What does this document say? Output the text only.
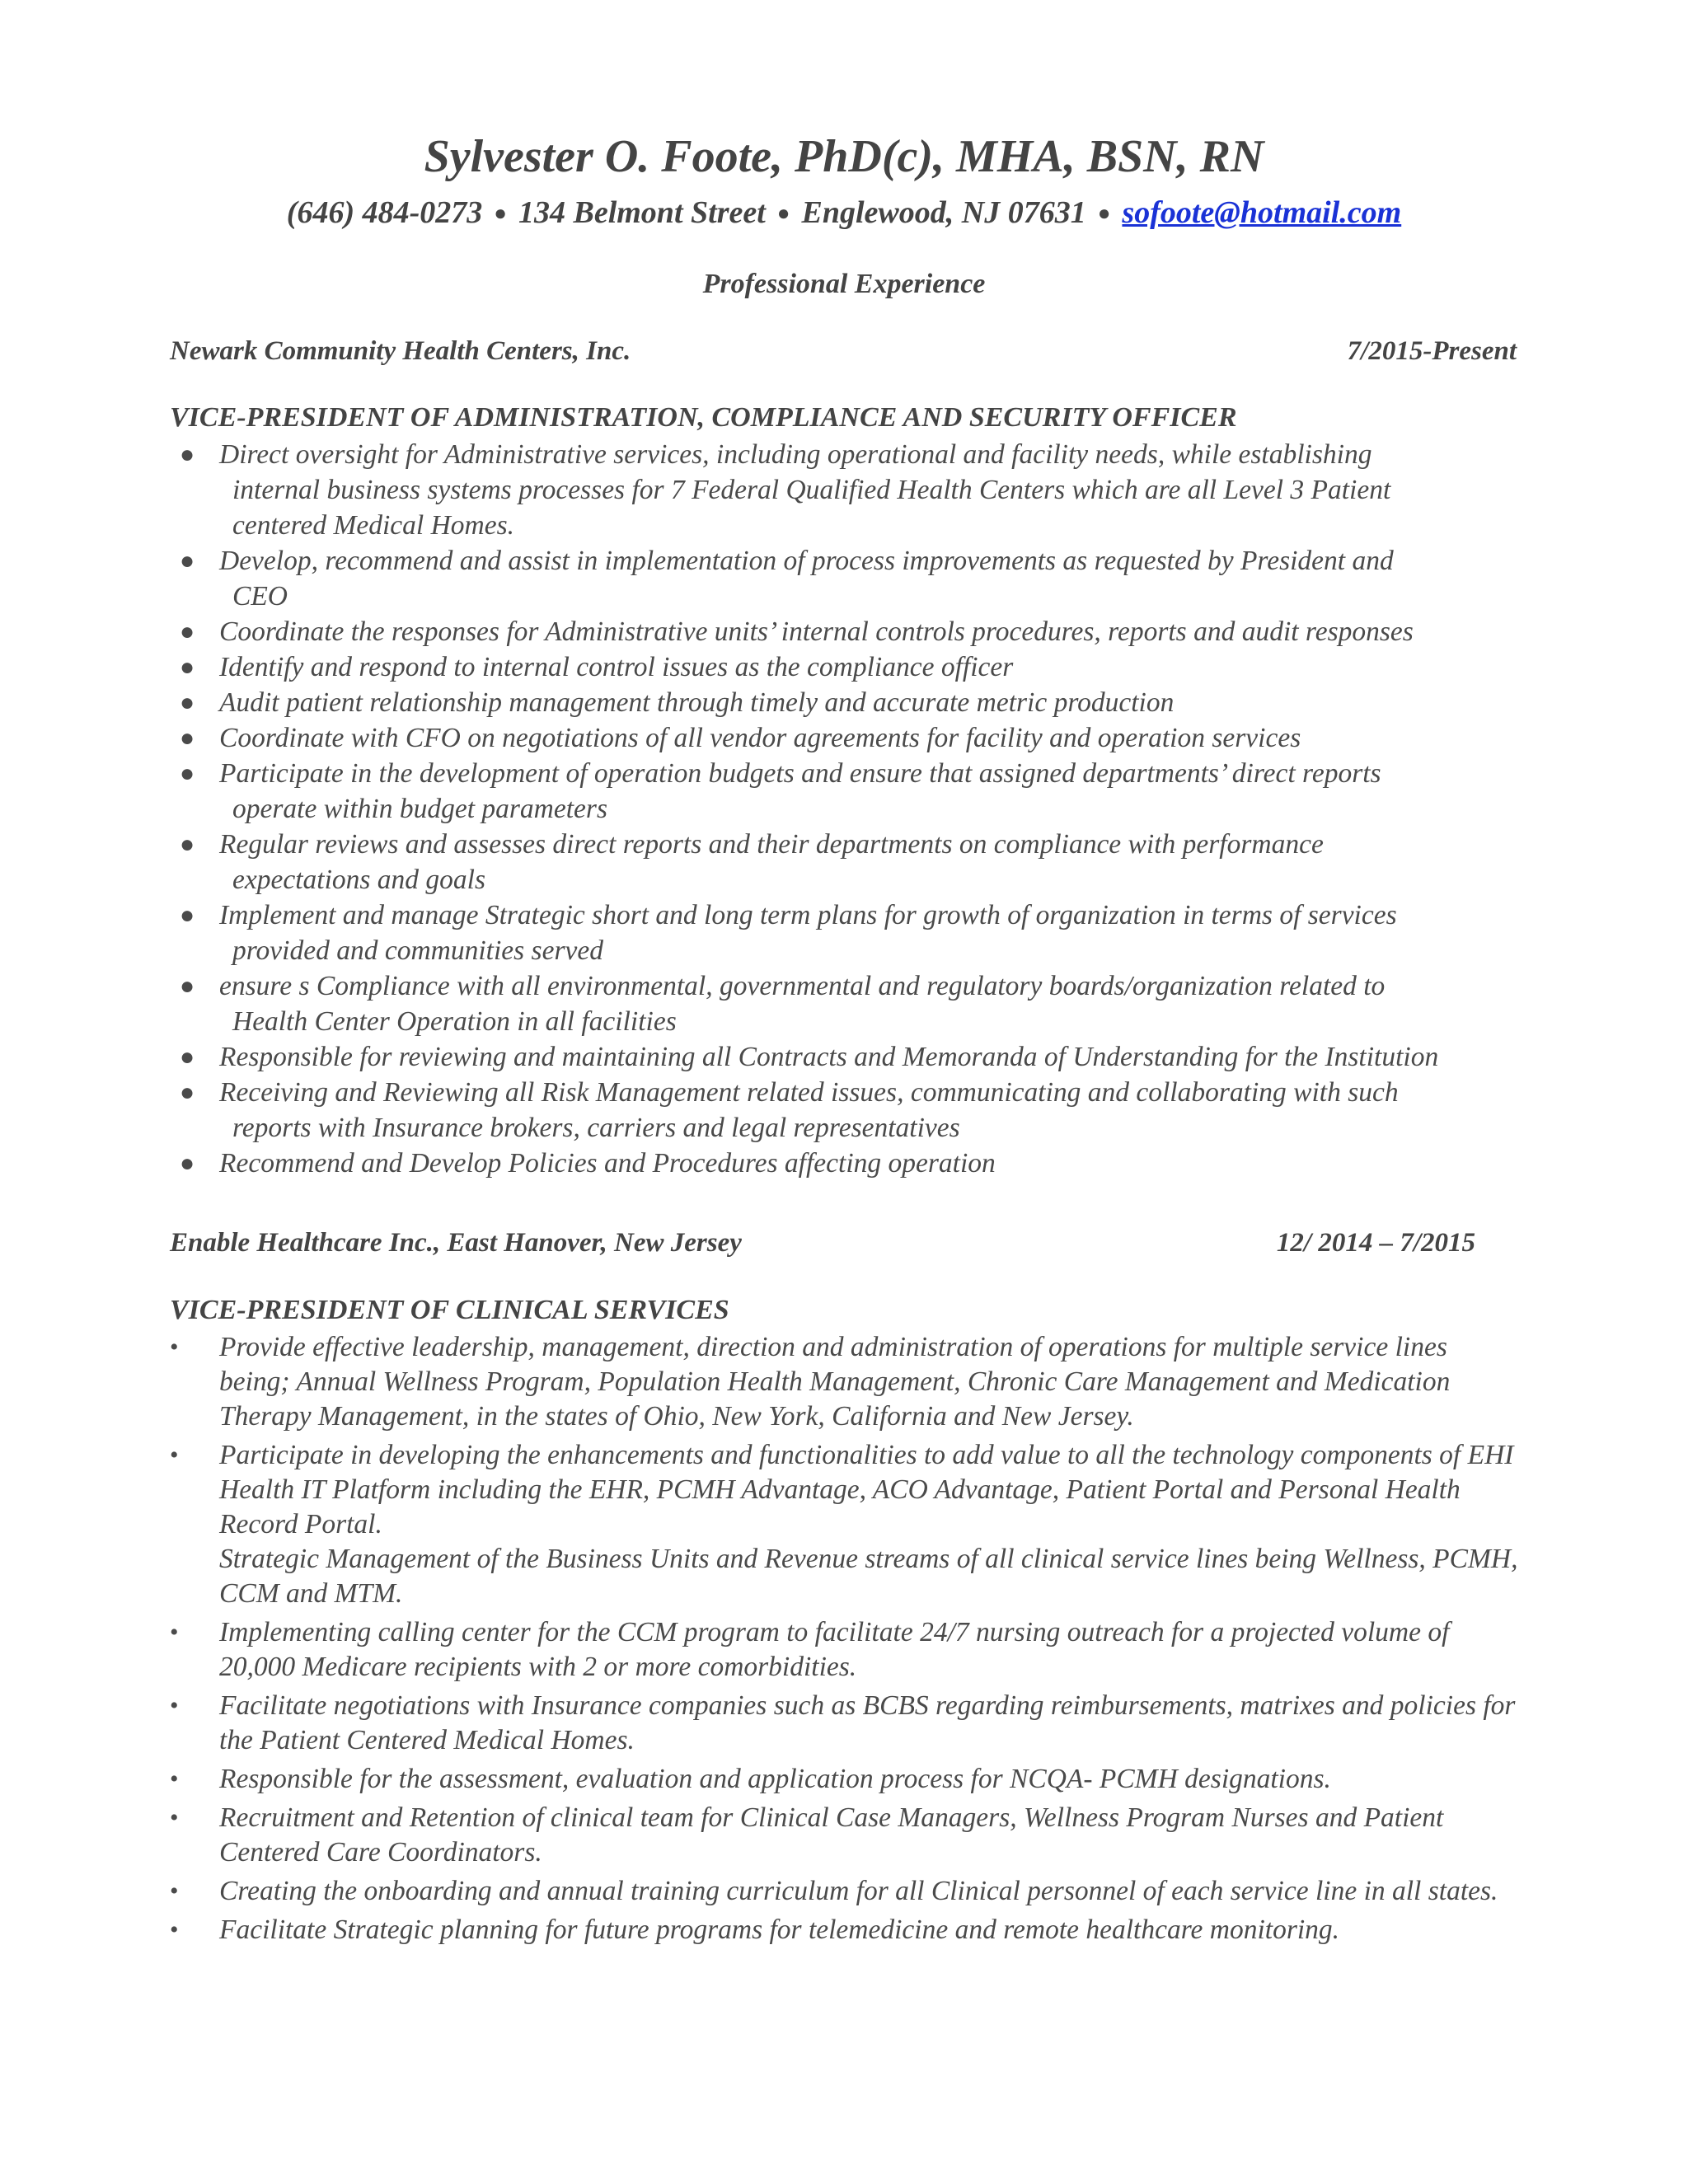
Sylvester O. Foote, PhD(c), MHA, BSN, RN
(646) 484-0273 ● 134 Belmont Street ● Englewood, NJ 07631 ● sofoote@hotmail.com
Professional Experience
Newark Community Health Centers, Inc.	7/2015-Present
VICE-PRESIDENT OF ADMINISTRATION, COMPLIANCE AND SECURITY OFFICER
● Direct oversight for Administrative services, including operational and facility needs, while establishing
internal business systems processes for 7 Federal Qualified Health Centers which are all Level 3 Patient
centered Medical Homes.
● Develop, recommend and assist in implementation of process improvements as requested by President and
CEO
● Coordinate the responses for Administrative units’ internal controls procedures, reports and audit responses
● Identify and respond to internal control issues as the compliance officer
● Audit patient relationship management through timely and accurate metric production
● Coordinate with CFO on negotiations of all vendor agreements for facility and operation services
● Participate in the development of operation budgets and ensure that assigned departments’ direct reports
operate within budget parameters
● Regular reviews and assesses direct reports and their departments on compliance with performance
expectations and goals
● Implement and manage Strategic short and long term plans for growth of organization in terms of services
provided and communities served
● ensure s Compliance with all environmental, governmental and regulatory boards/organization related to
Health Center Operation in all facilities
● Responsible for reviewing and maintaining all Contracts and Memoranda of Understanding for the Institution
● Receiving and Reviewing all Risk Management related issues, communicating and collaborating with such
reports with Insurance brokers, carriers and legal representatives
● Recommend and Develop Policies and Procedures affecting operation
Enable Healthcare Inc., East Hanover, New Jersey	12/ 2014 – 7/2015
VICE-PRESIDENT OF CLINICAL SERVICES
•	Provide effective leadership, management, direction and administration of operations for multiple service lines being; Annual Wellness Program, Population Health Management, Chronic Care Management and Medication Therapy Management, in the states of Ohio, New York, California and New Jersey.
•	Participate in developing the enhancements and functionalities to add value to all the technology components of EHI Health IT Platform including the EHR, PCMH Advantage, ACO Advantage, Patient Portal and Personal Health Record Portal.
Strategic Management of the Business Units and Revenue streams of all clinical service lines being Wellness, PCMH, CCM and MTM.
•	Implementing calling center for the CCM program to facilitate 24/7 nursing outreach for a projected volume of 20,000 Medicare recipients with 2 or more comorbidities.
•	Facilitate negotiations with Insurance companies such as BCBS regarding reimbursements, matrixes and policies for the Patient Centered Medical Homes.
•	Responsible for the assessment, evaluation and application process for NCQA- PCMH designations.
•	Recruitment and Retention of clinical team for Clinical Case Managers, Wellness Program Nurses and Patient Centered Care Coordinators.
•	Creating the onboarding and annual training curriculum for all Clinical personnel of each service line in all states.
•	Facilitate Strategic planning for future programs for telemedicine and remote healthcare monitoring.
